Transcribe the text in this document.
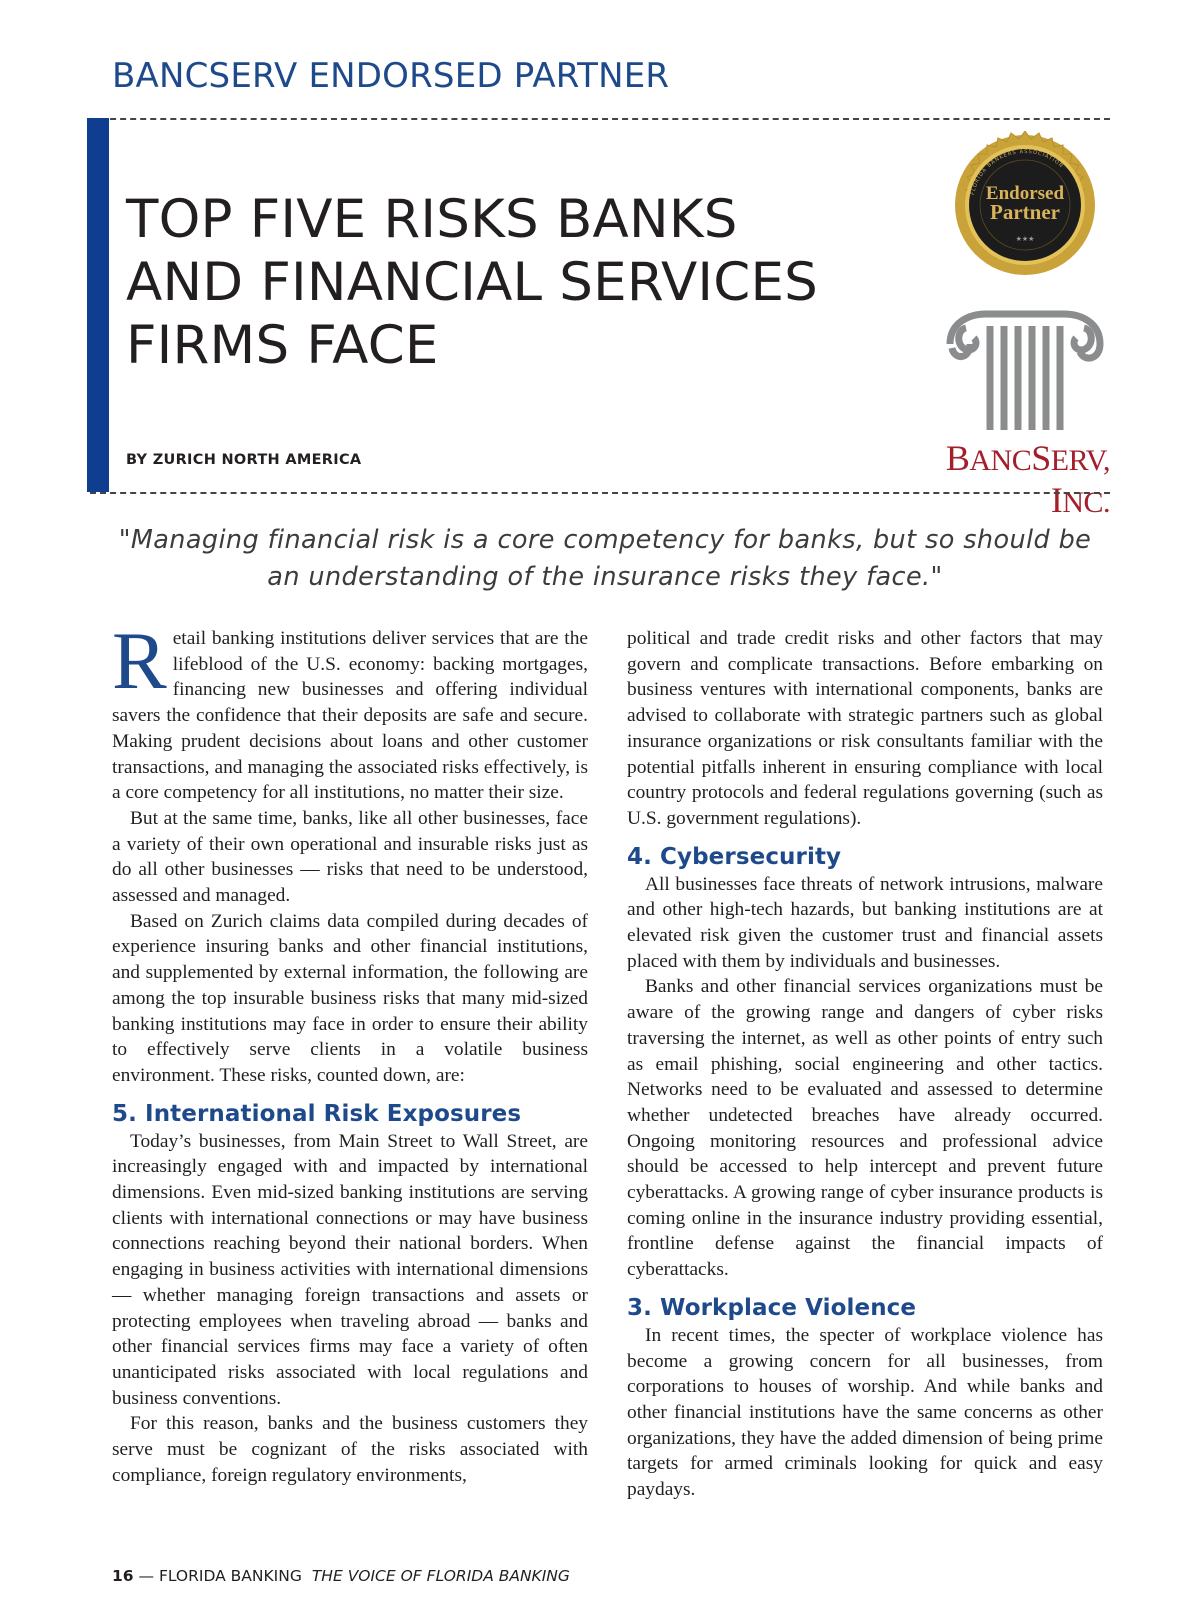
BANCSERV ENDORSED PARTNER
TOP FIVE RISKS BANKS
AND FINANCIAL SERVICES
FIRMS FACE
BY ZURICH NORTH AMERICA
FLORIDA BANKERS ASSOCIATION
Endorsed
Partner
★★★
BANCSERV, INC.
"Managing financial risk is a core competency for banks, but so should be an understanding of the insurance risks they face."

Retail banking institutions deliver services that are the lifeblood of the U.S. economy: backing mortgages, financing new businesses and offering individual savers the confidence that their deposits are safe and secure. Making prudent decisions about loans and other customer transactions, and managing the associated risks effectively, is a core competency for all institutions, no matter their size.

But at the same time, banks, like all other businesses, face a variety of their own operational and insurable risks just as do all other businesses — risks that need to be understood, assessed and managed.

Based on Zurich claims data compiled during decades of experience insuring banks and other financial institutions, and supplemented by external information, the following are among the top insurable business risks that many mid-sized banking institutions may face in order to ensure their ability to effectively serve clients in a volatile business environment. These risks, counted down, are:

5. International Risk Exposures

Today’s businesses, from Main Street to Wall Street, are increasingly engaged with and impacted by international dimensions. Even mid-sized banking institutions are serving clients with international connections or may have business connections reaching beyond their national borders. When engaging in business activities with international dimensions — whether managing foreign transactions and assets or protecting employees when traveling abroad — banks and other financial services firms may face a variety of often unanticipated risks associated with local regulations and business conventions.

For this reason, banks and the business customers they serve must be cognizant of the risks associated with compliance, foreign regulatory environments,

political and trade credit risks and other factors that may govern and complicate transactions. Before embarking on business ventures with international components, banks are advised to collaborate with strategic partners such as global insurance organizations or risk consultants familiar with the potential pitfalls inherent in ensuring compliance with local country protocols and federal regulations governing (such as U.S. government regulations).

4. Cybersecurity

All businesses face threats of network intrusions, malware and other high-tech hazards, but banking institutions are at elevated risk given the customer trust and financial assets placed with them by individuals and businesses.

Banks and other financial services organizations must be aware of the growing range and dangers of cyber risks traversing the internet, as well as other points of entry such as email phishing, social engineering and other tactics. Networks need to be evaluated and assessed to determine whether undetected breaches have already occurred. Ongoing monitoring resources and professional advice should be accessed to help intercept and prevent future cyberattacks. A growing range of cyber insurance products is coming online in the insurance industry providing essential, frontline defense against the financial impacts of cyberattacks.

3. Workplace Violence

In recent times, the specter of workplace violence has become a growing concern for all businesses, from corporations to houses of worship. And while banks and other financial institutions have the same concerns as other organizations, they have the added dimension of being prime targets for armed criminals looking for quick and easy paydays.

16 — FLORIDA BANKING THE VOICE OF FLORIDA BANKING
